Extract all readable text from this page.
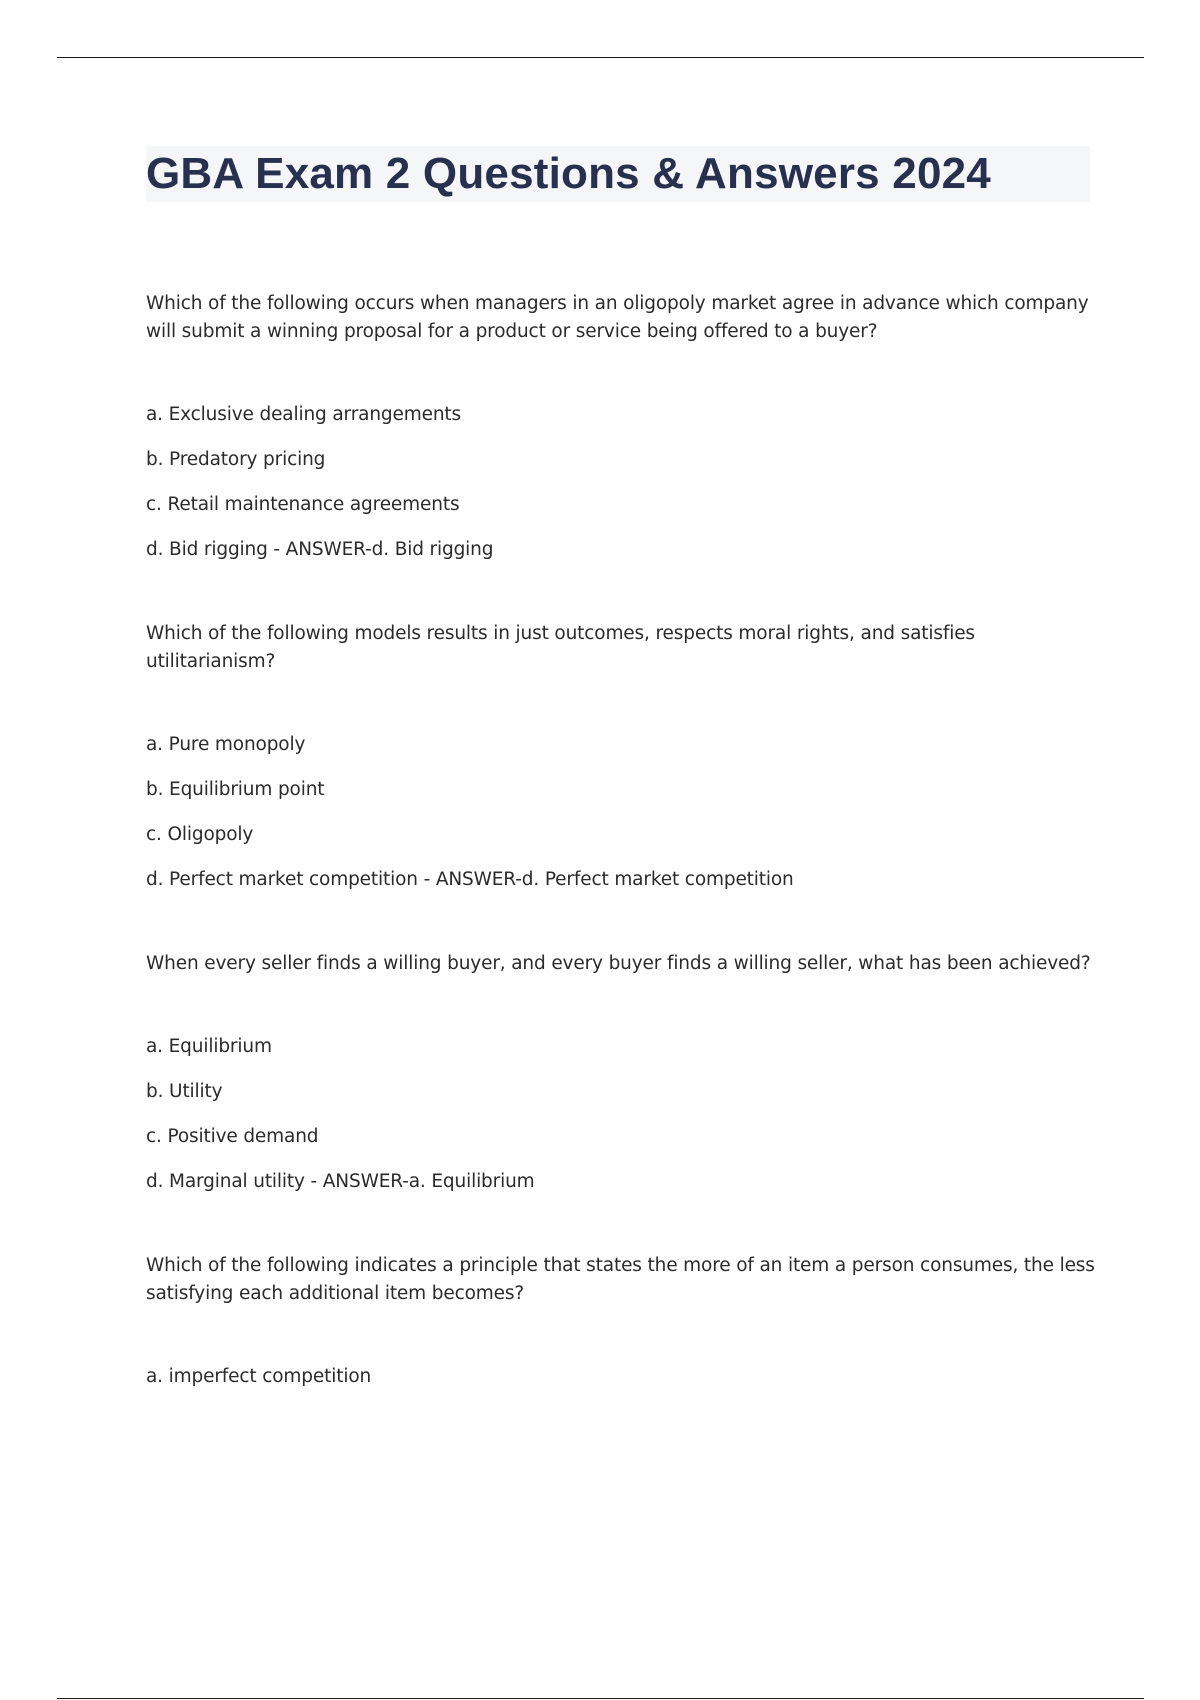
GBA Exam 2 Questions & Answers 2024

Which of the following occurs when managers in an oligopoly market agree in advance which company will submit a winning proposal for a product or service being offered to a buyer?

a. Exclusive dealing arrangements

b. Predatory pricing

c. Retail maintenance agreements

d. Bid rigging - ANSWER-d. Bid rigging

Which of the following models results in just outcomes, respects moral rights, and satisfies utilitarianism?

a. Pure monopoly

b. Equilibrium point

c. Oligopoly

d. Perfect market competition - ANSWER-d. Perfect market competition

When every seller finds a willing buyer, and every buyer finds a willing seller, what has been achieved?

a. Equilibrium

b. Utility

c. Positive demand

d. Marginal utility - ANSWER-a. Equilibrium

Which of the following indicates a principle that states the more of an item a person consumes, the less satisfying each additional item becomes?

a. imperfect competition
